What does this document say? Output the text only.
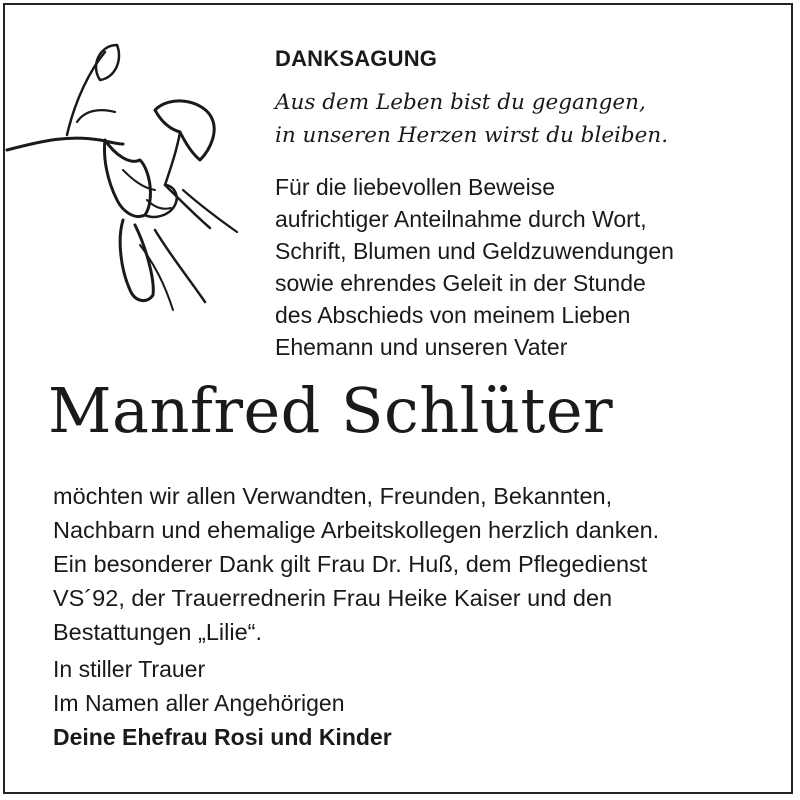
DANKSAGUNG
Aus dem Leben bist du gegangen,
in unseren Herzen wirst du bleiben.
Für die liebevollen Beweise
aufrichtiger Anteilnahme durch Wort,
Schrift, Blumen und Geldzuwendungen
sowie ehrendes Geleit in der Stunde
des Abschieds von meinem Lieben
Ehemann und unseren Vater
Manfred Schlüter
möchten wir allen Verwandten, Freunden, Bekannten,
Nachbarn und ehemalige Arbeitskollegen herzlich danken.
Ein besonderer Dank gilt Frau Dr. Huß, dem Pflegedienst
VS´92, der Trauerrednerin Frau Heike Kaiser und den
Bestattungen „Lilie“.
In stiller Trauer
Im Namen aller Angehörigen
Deine Ehefrau Rosi und Kinder
